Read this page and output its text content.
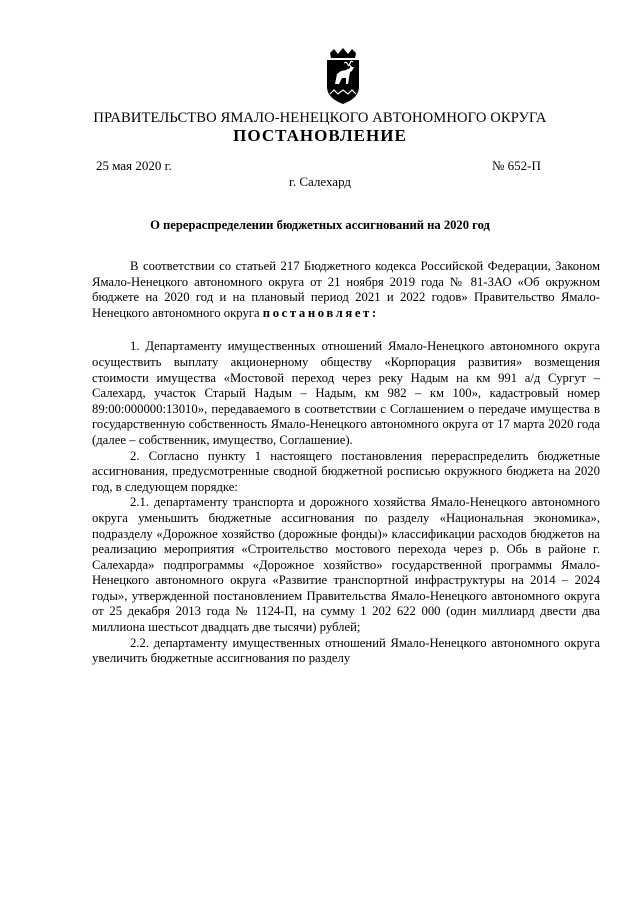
ПРАВИТЕЛЬСТВО ЯМАЛО-НЕНЕЦКОГО АВТОНОМНОГО ОКРУГА
ПОСТАНОВЛЕНИЕ
25 мая 2020 г.	№ 652-П
г. Салехард
О перераспределении бюджетных ассигнований на 2020 год

В соответствии со статьей 217 Бюджетного кодекса Российской Федерации, Законом Ямало-Ненецкого автономного округа от 21 ноября 2019 года № 81-ЗАО «Об окружном бюджете на 2020 год и на плановый период 2021 и 2022 годов» Правительство Ямало-Ненецкого автономного округа постановляет:

1. Департаменту имущественных отношений Ямало-Ненецкого автономного округа осуществить выплату акционерному обществу «Корпорация развития» возмещения стоимости имущества «Мостовой переход через реку Надым на км 991 а/д Сургут – Салехард, участок Старый Надым – Надым, км 982 – км 100», кадастровый номер 89:00:000000:13010», передаваемого в соответствии с Соглашением о передаче имущества в государственную собственность Ямало-Ненецкого автономного округа от 17 марта 2020 года (далее – собственник, имущество, Соглашение).

2. Согласно пункту 1 настоящего постановления перераспределить бюджетные ассигнования, предусмотренные сводной бюджетной росписью окружного бюджета на 2020 год, в следующем порядке:

2.1. департаменту транспорта и дорожного хозяйства Ямало-Ненецкого автономного округа уменьшить бюджетные ассигнования по разделу «Национальная экономика», подразделу «Дорожное хозяйство (дорожные фонды)» классификации расходов бюджетов на реализацию мероприятия «Строительство мостового перехода через р. Обь в районе г. Салехарда» подпрограммы «Дорожное хозяйство» государственной программы Ямало-Ненецкого автономного округа «Развитие транспортной инфраструктуры на 2014 – 2024 годы», утвержденной постановлением Правительства Ямало-Ненецкого автономного округа от 25 декабря 2013 года № 1124-П, на сумму 1 202 622 000 (один миллиард двести два миллиона шестьсот двадцать две тысячи) рублей;

2.2. департаменту имущественных отношений Ямало-Ненецкого автономного округа увеличить бюджетные ассигнования по разделу
